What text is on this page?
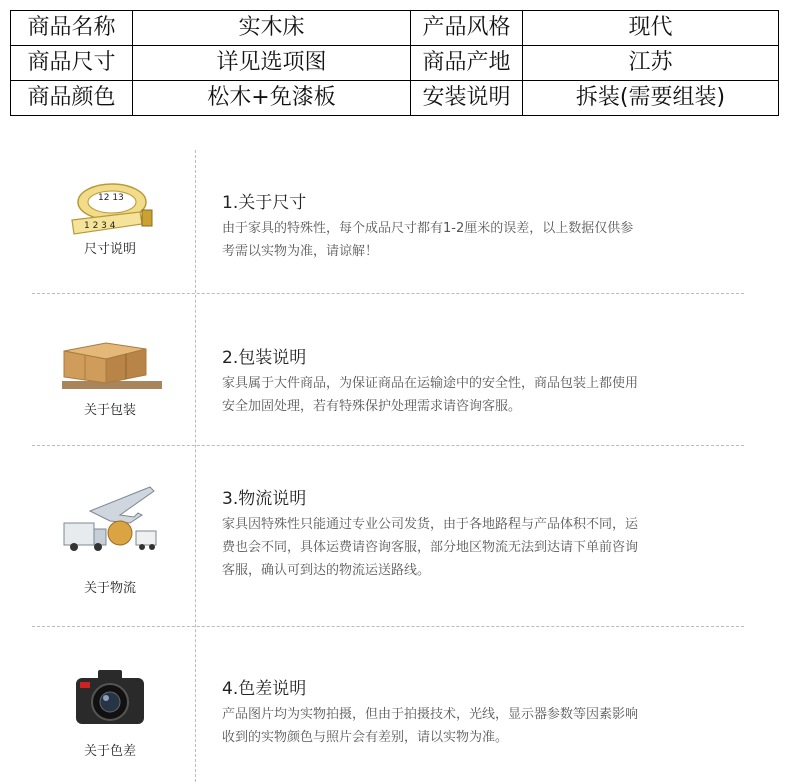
商品名称	实木床	产品风格	现代
商品尺寸	详见选项图	商品产地	江苏
商品颜色	松木+免漆板	安装说明	拆装(需要组装)
1 2 3 4
12 13
尺寸说明
1.关于尺寸
由于家具的特殊性，每个成品尺寸都有1-2厘米的误差，以上数据仅供参
考需以实物为准，请谅解！
关于包装
2.包装说明
家具属于大件商品，为保证商品在运输途中的安全性，商品包装上都使用
安全加固处理，若有特殊保护处理需求请咨询客服。
关于物流
3.物流说明
家具因特殊性只能通过专业公司发货，由于各地路程与产品体积不同，运
费也会不同，具体运费请咨询客服，部分地区物流无法到达请下单前咨询
客服，确认可到达的物流运送路线。
关于色差
4.色差说明
产品图片均为实物拍摄，但由于拍摄技术，光线，显示器参数等因素影响
收到的实物颜色与照片会有差别，请以实物为准。
